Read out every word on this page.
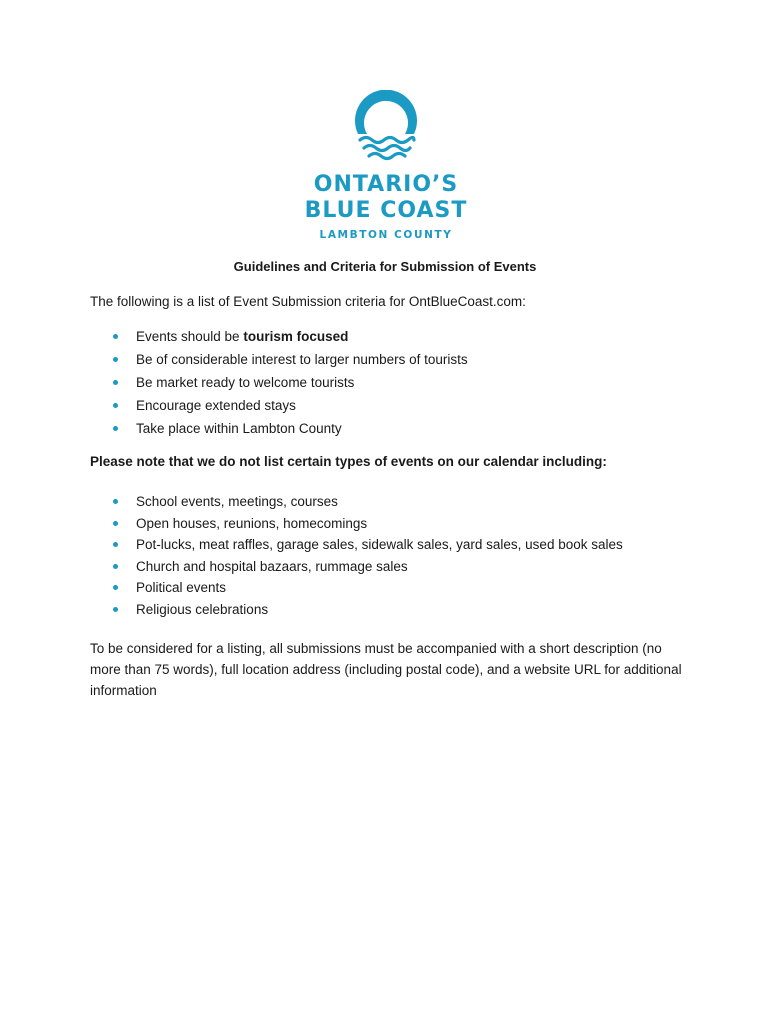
ONTARIO’S
BLUE COAST
LAMBTON COUNTY
Guidelines and Criteria for Submission of Events
The following is a list of Event Submission criteria for OntBlueCoast.com:
Events should be tourism focused
Be of considerable interest to larger numbers of tourists
Be market ready to welcome tourists
Encourage extended stays
Take place within Lambton County
Please note that we do not list certain types of events on our calendar including:
School events, meetings, courses
Open houses, reunions, homecomings
Pot-lucks, meat raffles, garage sales, sidewalk sales, yard sales, used book sales
Church and hospital bazaars, rummage sales
Political events
Religious celebrations
To be considered for a listing, all submissions must be accompanied with a short description (no more than 75 words), full location address (including postal code), and a website URL for additional information
